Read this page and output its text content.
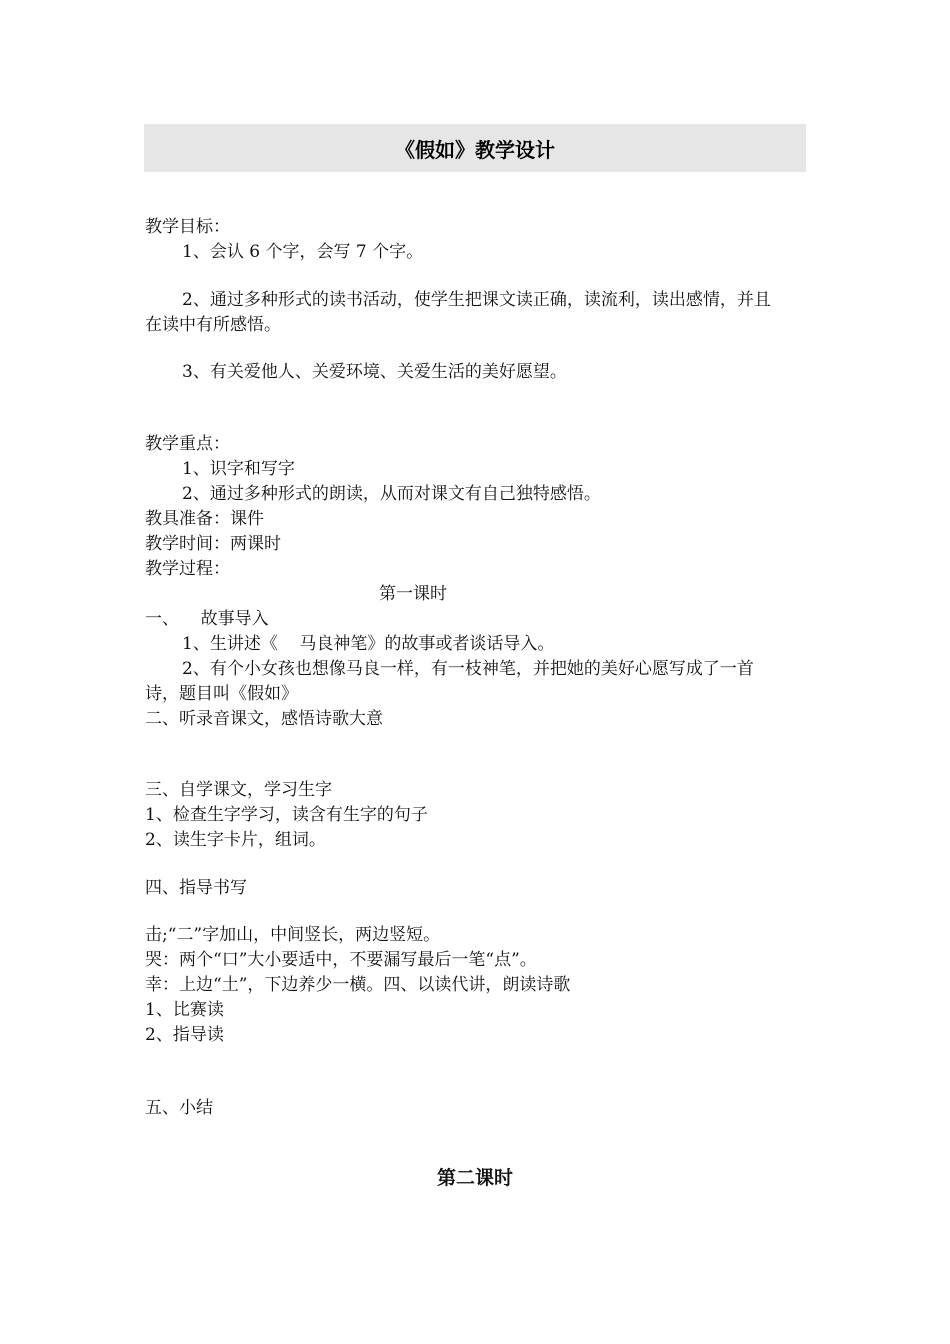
《假如》教学设计
教学目标：
1、会认 6 个字，会写 7 个字。
2、通过多种形式的读书活动，使学生把课文读正确，读流利，读出感情，并且
在读中有所感悟。
3、有关爱他人、关爱环境、关爱生活的美好愿望。
教学重点：
1、识字和写字
2、通过多种形式的朗读，从而对课文有自己独特感悟。
教具准备：课件
教学时间：两课时
教学过程：
第一课时
一、    故事导入
1、生讲述《    马良神笔》的故事或者谈话导入。
2、有个小女孩也想像马良一样，有一枝神笔，并把她的美好心愿写成了一首
诗，题目叫《假如》
二、听录音课文，感悟诗歌大意
三、自学课文，学习生字
1、检查生字学习，读含有生字的句子
2、读生字卡片，组词。
四、指导书写
击;“二”字加山，中间竖长，两边竖短。
哭：两个“口”大小要适中，不要漏写最后一笔“点”。
幸：上边“土”，下边养少一横。四、以读代讲，朗读诗歌
1、比赛读
2、指导读
五、小结
第二课时
